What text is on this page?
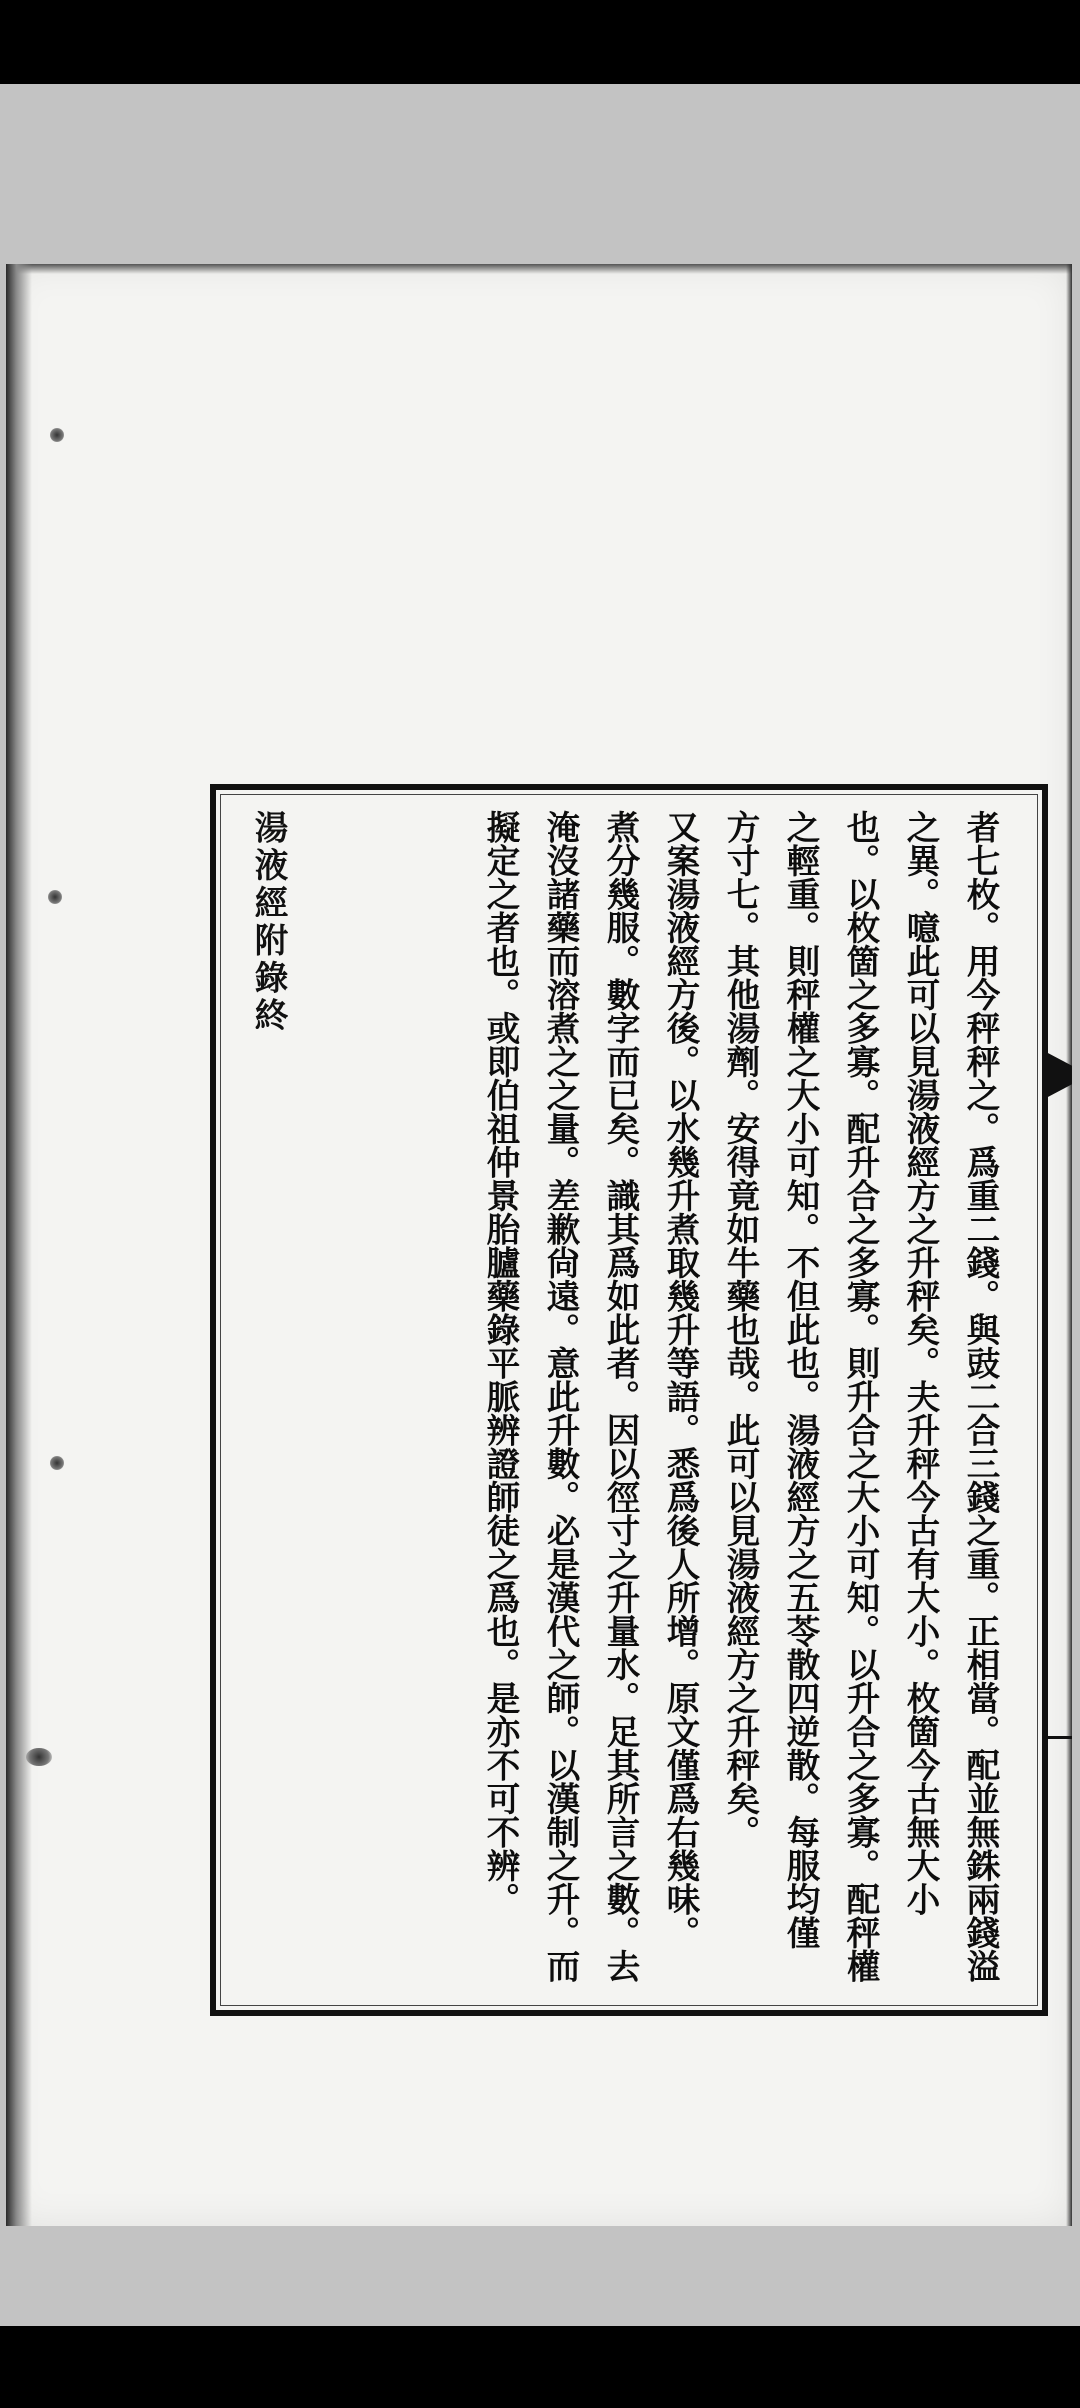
者七枚。用今秤秤之。爲重二錢。與豉二合三錢之重。正相當。配並無銖兩錢溢
之異。噫此可以見湯液經方之升秤矣。夫升秤今古有大小。枚箇今古無大小
也。以枚箇之多寡。配升合之多寡。則升合之大小可知。以升合之多寡。配秤權
之輕重。則秤權之大小可知。不但此也。湯液經方之五苓散四逆散。每服均僅
方寸七。其他湯劑。安得竟如牛藥也哉。此可以見湯液經方之升秤矣。
又案湯液經方後。以水幾升煮取幾升等語。悉爲後人所增。原文僅爲右幾味。
煮分幾服。數字而已矣。識其爲如此者。因以徑寸之升量水。足其所言之數。去
淹沒諸藥而溶煮之之量。差歉尙遠。意此升數。必是漢代之師。以漢制之升。而
擬定之者也。或即伯祖仲景胎臚藥錄平脈辨證師徒之爲也。是亦不可不辨。
湯液經附錄終
